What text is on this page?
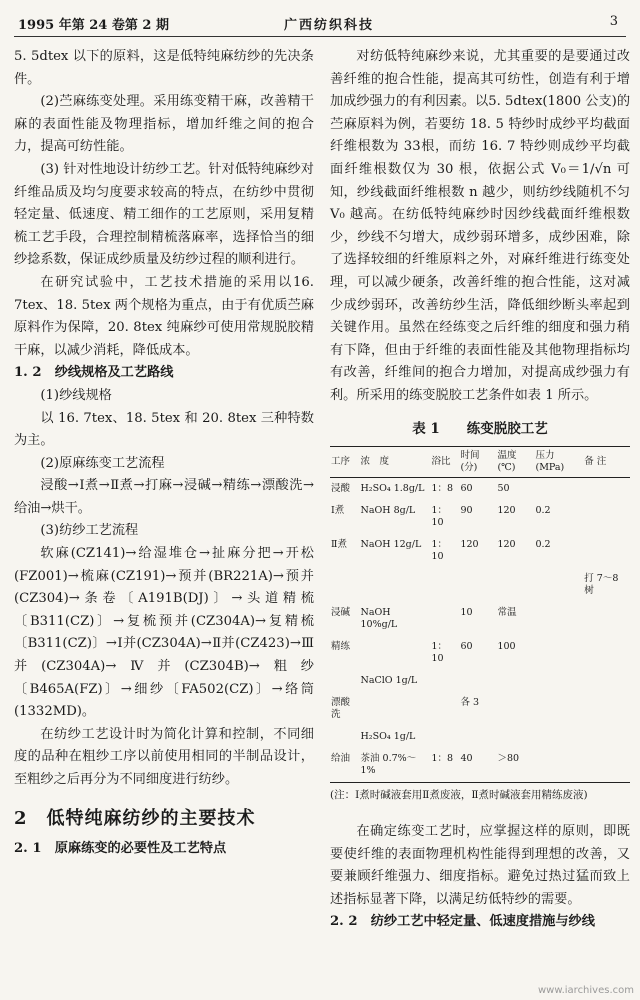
1995 年第 24 卷第 2 期	广西纺织科技	3

5. 5dtex 以下的原料，这是低特纯麻纺纱的先决条件。

(2)苎麻练变处理。采用练变精干麻，改善精干麻的表面性能及物理指标，增加纤维之间的抱合力，提高可纺性能。

(3) 针对性地设计纺纱工艺。针对低特纯麻纱对纤维品质及均匀度要求较高的特点，在纺纱中贯彻轻定量、低速度、精工细作的工艺原则，采用复精梳工艺手段，合理控制精梳落麻率，选择恰当的细纱捻系数，保证成纱质量及纺纱过程的顺利进行。

在研究试验中，工艺技术措施的采用以16. 7tex、18. 5tex 两个规格为重点，由于有优质苎麻原料作为保障，20. 8tex 纯麻纱可使用常规脱胶精干麻，以减少消耗，降低成本。

1. 2　纱线规格及工艺路线

(1)纱线规格

以 16. 7tex、18. 5tex 和 20. 8tex 三种特数为主。

(2)原麻练变工艺流程

浸酸→Ⅰ煮→Ⅱ煮→打麻→浸碱→精练→漂酸洗→给油→烘干。

(3)纺纱工艺流程

软麻(CZ141)→给湿堆仓→扯麻分把→开松(FZ001)→梳麻(CZ191)→预并(BR221A)→预并(CZ304)→条卷〔A191B(DJ)〕→头道精梳〔B311(CZ)〕→复梳预并(CZ304A)→复精梳〔B311(CZ)〕→Ⅰ并(CZ304A)→Ⅱ并(CZ423)→Ⅲ并(CZ304A)→Ⅳ并(CZ304B)→粗纱〔B465A(FZ)〕→细纱〔FA502(CZ)〕→络筒(1332MD)。

在纺纱工艺设计时为简化计算和控制，不同细度的品种在粗纱工序以前使用相同的半制品设计，至粗纱之后再分为不同细度进行纺纱。

2　低特纯麻纺纱的主要技术

2. 1　原麻练变的必要性及工艺特点

对纺低特纯麻纱来说，尤其重要的是要通过改善纤维的抱合性能，提高其可纺性，创造有利于增加成纱强力的有利因素。以5. 5dtex(1800 公支)的苎麻原料为例，若要纺 18. 5 特纱时成纱平均截面纤维根数为 33根，而纺 16. 7 特纱则成纱平均截面纤维根数仅为 30 根，依据公式 V₀＝1/√n 可知，纱线截面纤维根数 n 越少，则纺纱线随机不匀 V₀ 越高。在纺低特纯麻纱时因纱线截面纤维根数少，纱线不匀增大，成纱弱环增多，成纱困难，除了选择较细的纤维原料之外，对麻纤维进行练变处理，可以减少硬条，改善纤维的抱合性能，这对减少成纱弱环，改善纺纱生活，降低细纱断头率起到关键作用。虽然在经练变之后纤维的细度和强力稍有下降，但由于纤维的表面性能及其他物理指标均有改善，纤维间的抱合力增加，对提高成纱强力有利。所采用的练变脱胶工艺条件如表 1 所示。

表 1　　练变脱胶工艺
工序	浓　度	浴比	时间(分)	温度(℃)	压力(MPa)	备 注
浸酸	H₂SO₄ 1.8g/L	1：8	60	50		
Ⅰ煮	NaOH 8g/L	1：10	90	120	0.2	
Ⅱ煮	NaOH 12g/L	1：10	120	120	0.2	
						打 7～8 树
浸碱	NaOH 10%g/L		10	常温		
精练		1：10	60	100		
	NaClO 1g/L					
漂酸洗			各 3			
	H₂SO₄ 1g/L					
给油	茶油 0.7%～1%	1：8	40	＞80		
(注：Ⅰ煮时碱液套用Ⅱ煮废液，Ⅱ煮时碱液套用精练废液)

在确定练变工艺时，应掌握这样的原则，即既要使纤维的表面物理机构性能得到理想的改善，又要兼顾纤维强力、细度指标。避免过热过猛而致上述指标显著下降，以满足纺低特纱的需要。

2. 2　纺纱工艺中轻定量、低速度措施与纱线

www.iarchives.com
